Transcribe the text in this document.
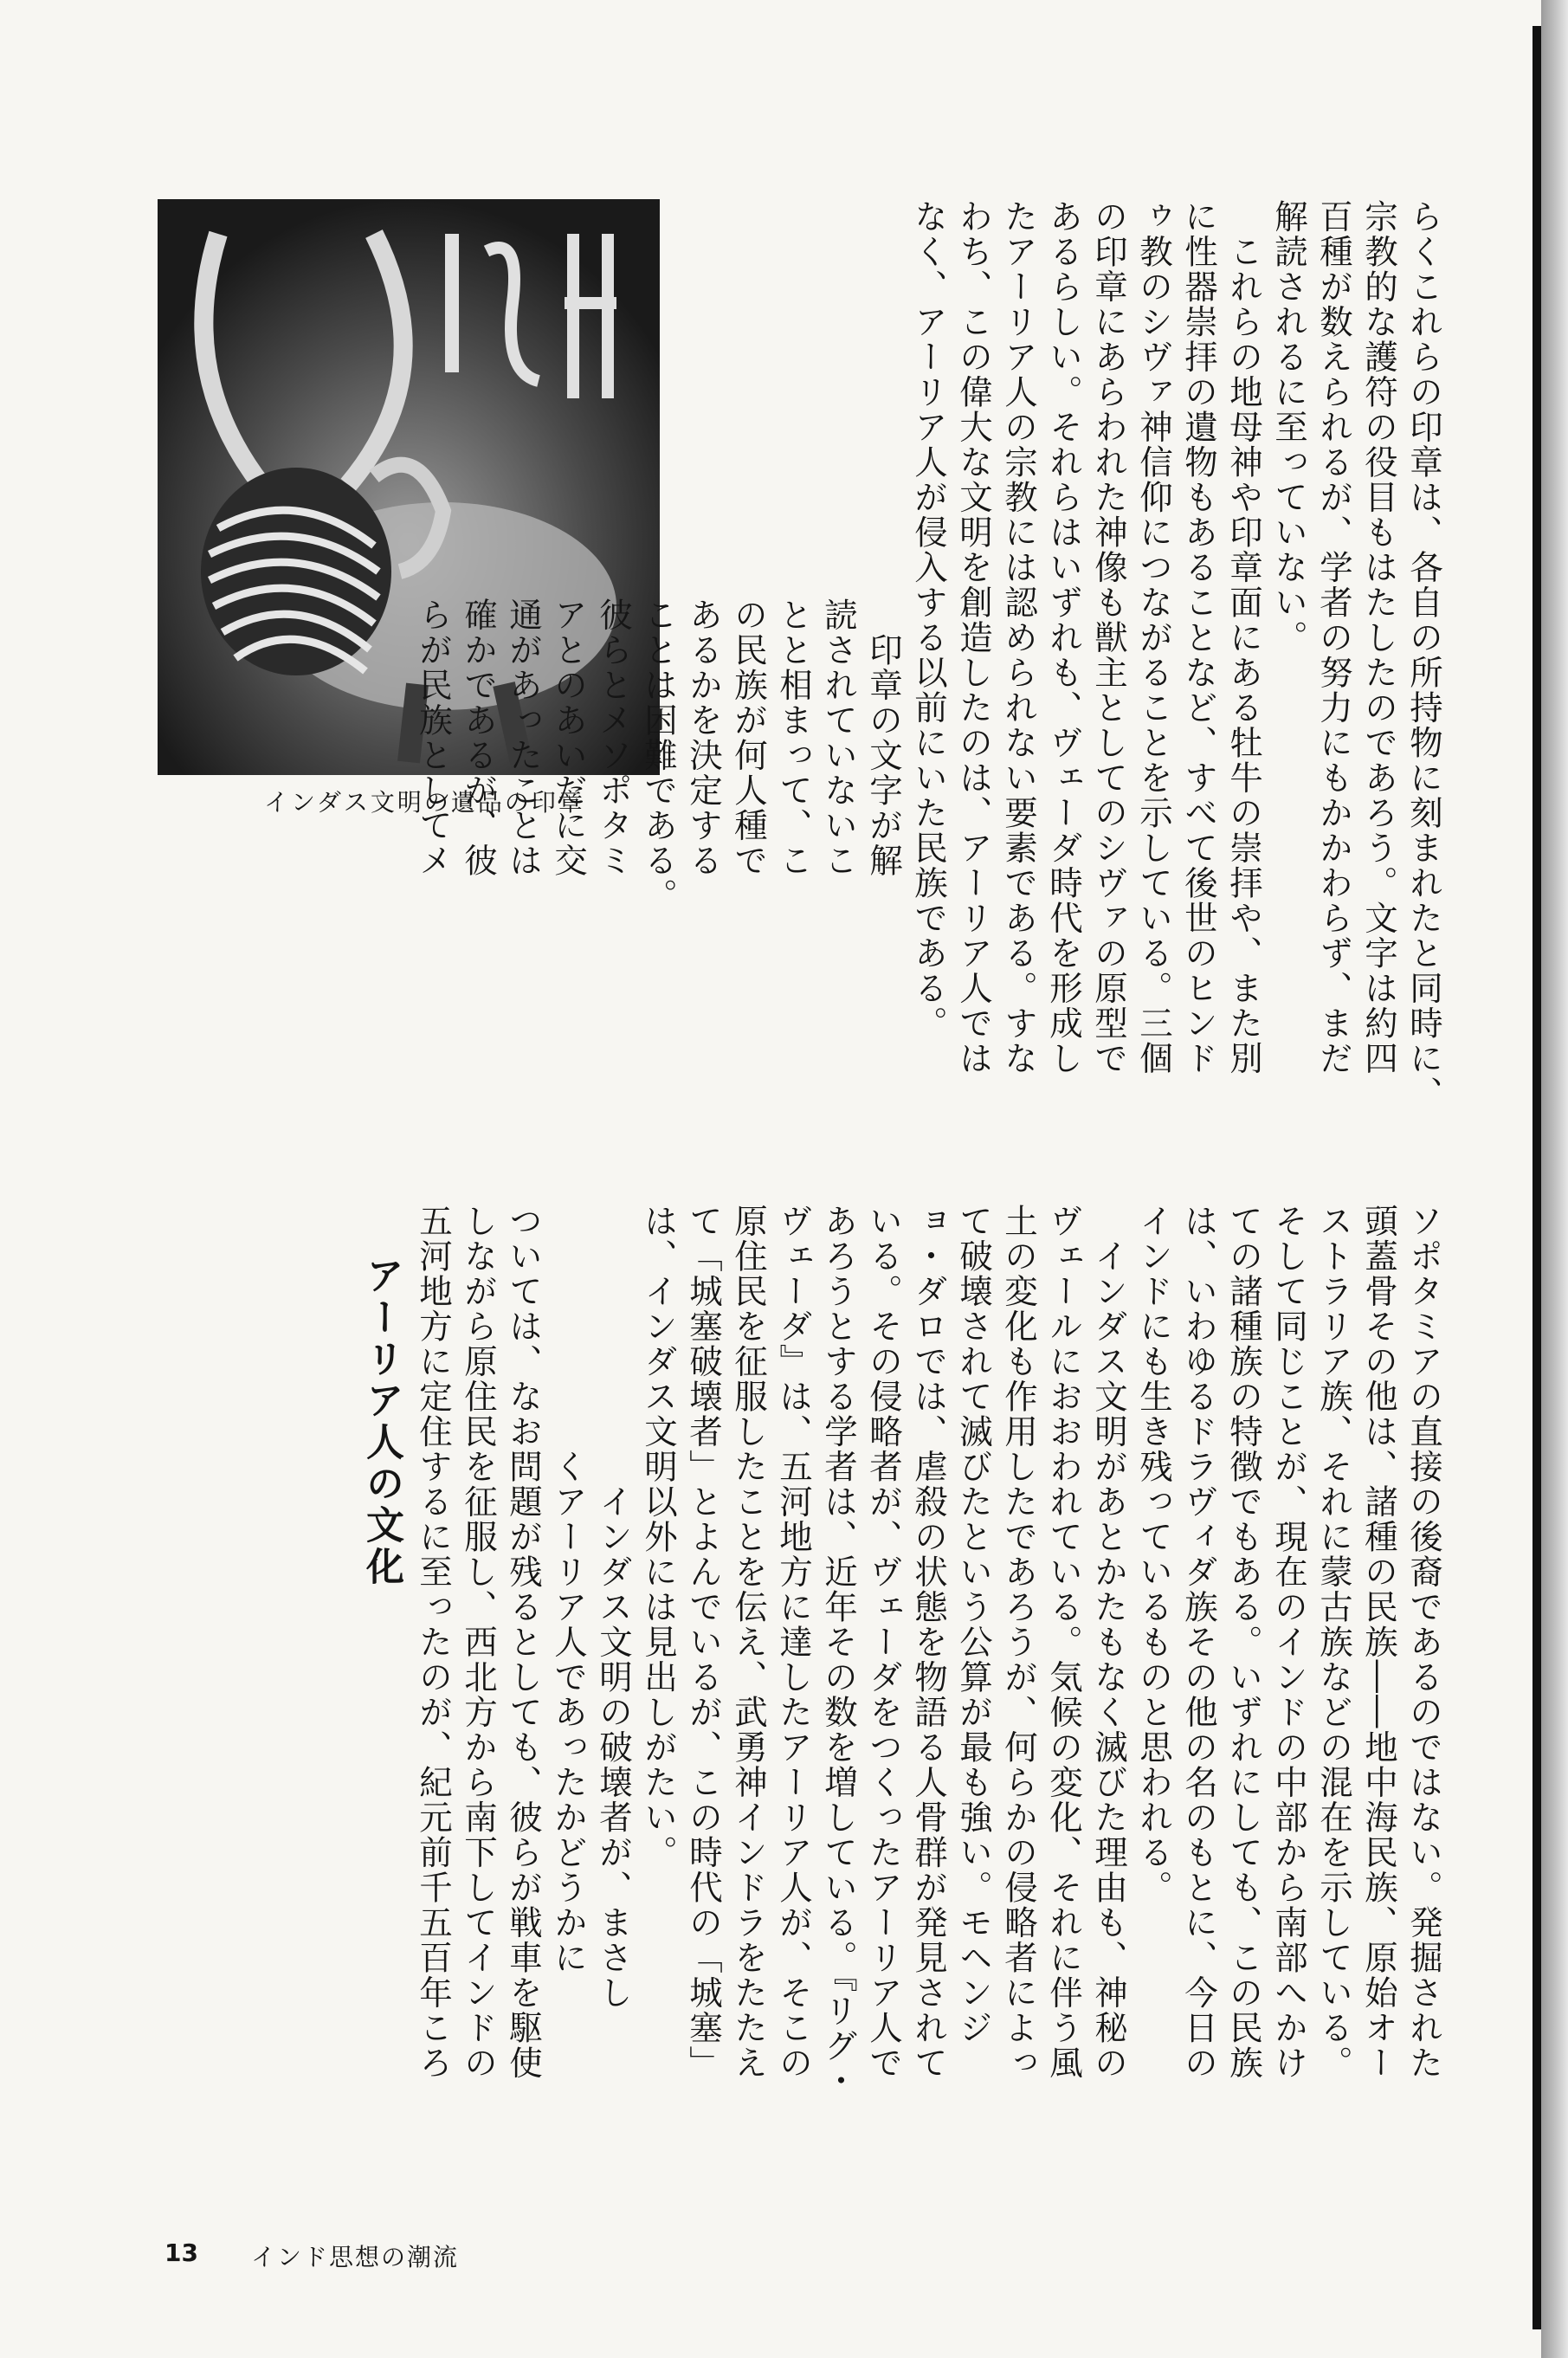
インダス文明の遺品の印章	らくこれらの印章は、各自の所持物に刻まれたと同時に、
宗教的な護符の役目もはたしたのであろう。文字は約四
百種が数えられるが、学者の努力にもかかわらず、まだ
解読されるに至っていない。
　これらの地母神や印章面にある牡牛の崇拝や、また別
に性器崇拝の遺物もあることなど、すべて後世のヒンド
ゥ教のシヴァ神信仰につながることを示している。三個
の印章にあらわれた神像も獣主としてのシヴァの原型で
あるらしい。それらはいずれも、ヴェーダ時代を形成し
たアーリア人の宗教には認められない要素である。すな
わち、この偉大な文明を創造したのは、アーリア人では
なく、アーリア人が侵入する以前にいた民族である。
　印章の文字が解
読されていないこ
とと相まって、こ
の民族が何人種で
あるかを決定する
ことは困難である。
彼らとメソポタミ
アとのあいだに交
通があったことは
確かであるが、彼
らが民族としてメ
ソポタミアの直接の後裔であるのではない。発掘された
頭蓋骨その他は、諸種の民族――地中海民族、原始オー
ストラリア族、それに蒙古族などの混在を示している。
そして同じことが、現在のインドの中部から南部へかけ
ての諸種族の特徴でもある。いずれにしても、この民族
は、いわゆるドラヴィダ族その他の名のもとに、今日の
インドにも生き残っているものと思われる。
　インダス文明があとかたもなく滅びた理由も、神秘の
ヴェールにおおわれている。気候の変化、それに伴う風
土の変化も作用したであろうが、何らかの侵略者によっ
て破壊されて滅びたという公算が最も強い。モヘンジ
ョ・ダロでは、虐殺の状態を物語る人骨群が発見されて
いる。その侵略者が、ヴェーダをつくったアーリア人で
あろうとする学者は、近年その数を増している。『リグ・
ヴェーダ』は、五河地方に達したアーリア人が、そこの
原住民を征服したことを伝え、武勇神インドラをたたえ
て「城塞破壊者」とよんでいるが、この時代の「城塞」
は、インダス文明以外には見出しがたい。
　　　　　　　　インダス文明の破壊者が、まさし
　　　　　　　くアーリア人であったかどうかに
ついては、なお問題が残るとしても、彼らが戦車を駆使
しながら原住民を征服し、西北方から南下してインドの
五河地方に定住するに至ったのが、紀元前千五百年ころ
アーリア人の文化
13 インド思想の潮流
